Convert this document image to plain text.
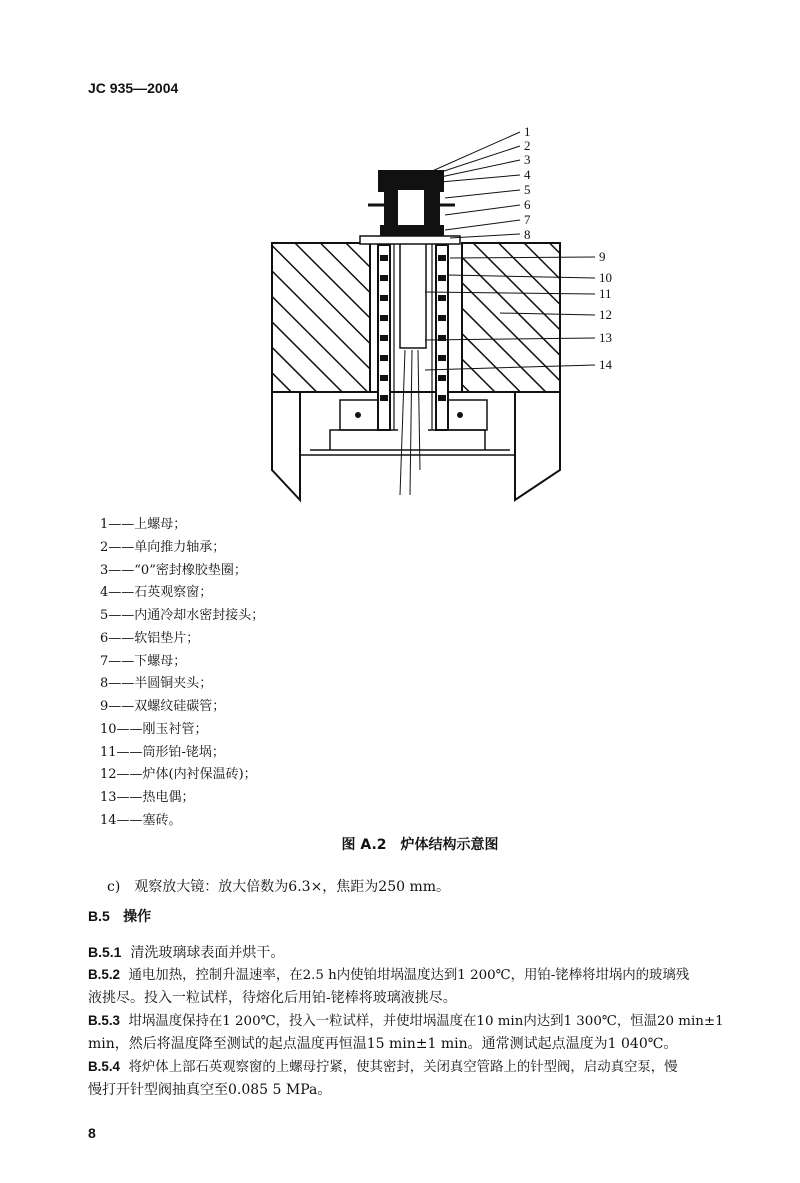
JC 935—2004
1
2
3
4
5
6
7
8
9
10
11
12
13
14
1——上螺母；
2——单向推力轴承；
3——“0”密封橡胶垫圈；
4——石英观察窗；
5——内通冷却水密封接头；
6——软铝垫片；
7——下螺母；
8——半圆铜夹头；
9——双螺纹硅碳管；
10——刚玉衬管；
11——筒形铂-铑埚；
12——炉体(内衬保温砖)；
13——热电偶；
14——塞砖。
图 A.2　炉体结构示意图
c)　观察放大镜：放大倍数为6.3×，焦距为250 mm。
B.5 操作
B.5.1 清洗玻璃球表面并烘干。
B.5.2 通电加热，控制升温速率，在2.5 h内使铂坩埚温度达到1 200℃，用铂-铑棒将坩埚内的玻璃残
液挑尽。投入一粒试样，待熔化后用铂-铑棒将玻璃液挑尽。
B.5.3 坩埚温度保持在1 200℃，投入一粒试样，并使坩埚温度在10 min内达到1 300℃，恒温20 min±1
min，然后将温度降至测试的起点温度再恒温15 min±1 min。通常测试起点温度为1 040℃。
B.5.4 将炉体上部石英观察窗的上螺母拧紧，使其密封，关闭真空管路上的针型阀，启动真空泵，慢
慢打开针型阀抽真空至0.085 5 MPa。
8
